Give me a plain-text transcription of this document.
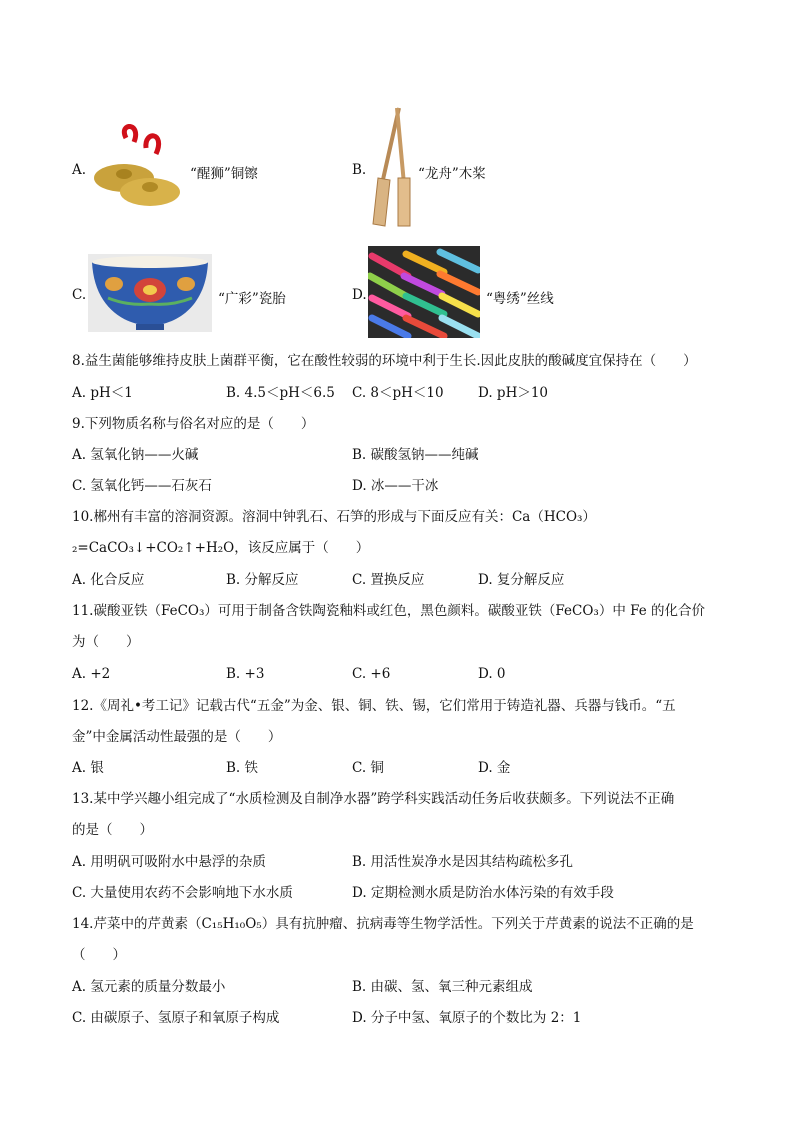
A.	“醒狮”铜镲	B.	“龙舟”木桨
C.	“广彩”瓷胎	D.	“粤绣”丝线
8.益生菌能够维持皮肤上菌群平衡，它在酸性较弱的环境中利于生长.因此皮肤的酸碱度宜保持在（　　）
A. pH＜1	B. 4.5＜pH＜6.5 C. 8＜pH＜10	D. pH＞10
9.下列物质名称与俗名对应的是（　　）
A. 氢氧化钠——火碱	B. 碳酸氢钠——纯碱
C. 氢氧化钙——石灰石	D. 冰——干冰
10.郴州有丰富的溶洞资源。溶洞中钟乳石、石笋的形成与下面反应有关：Ca（HCO₃）
₂=CaCO₃↓+CO₂↑+H₂O，该反应属于（　　）
A. 化合反应	B. 分解反应	C. 置换反应	D. 复分解反应
11.碳酸亚铁（FeCO₃）可用于制备含铁陶瓷釉料或红色，黑色颜料。碳酸亚铁（FeCO₃）中 Fe 的化合价
为（　　）
A. +2	B. +3	C. +6	D. 0
12.《周礼•考工记》记载古代“五金”为金、银、铜、铁、锡，它们常用于铸造礼器、兵器与钱币。“五
金”中金属活动性最强的是（　　）
A. 银	B. 铁	C. 铜	D. 金
13.某中学兴趣小组完成了“水质检测及自制净水器”跨学科实践活动任务后收获颇多。下列说法不正确
的是（　　）
A. 用明矾可吸附水中悬浮的杂质	B. 用活性炭净水是因其结构疏松多孔
C. 大量使用农药不会影响地下水水质	D. 定期检测水质是防治水体污染的有效手段
14.芹菜中的芹黄素（C₁₅H₁₀O₅）具有抗肿瘤、抗病毒等生物学活性。下列关于芹黄素的说法不正确的是
（　　）
A. 氢元素的质量分数最小	B. 由碳、氢、氧三种元素组成
C. 由碳原子、氢原子和氧原子构成	D. 分子中氢、氧原子的个数比为 2：1
